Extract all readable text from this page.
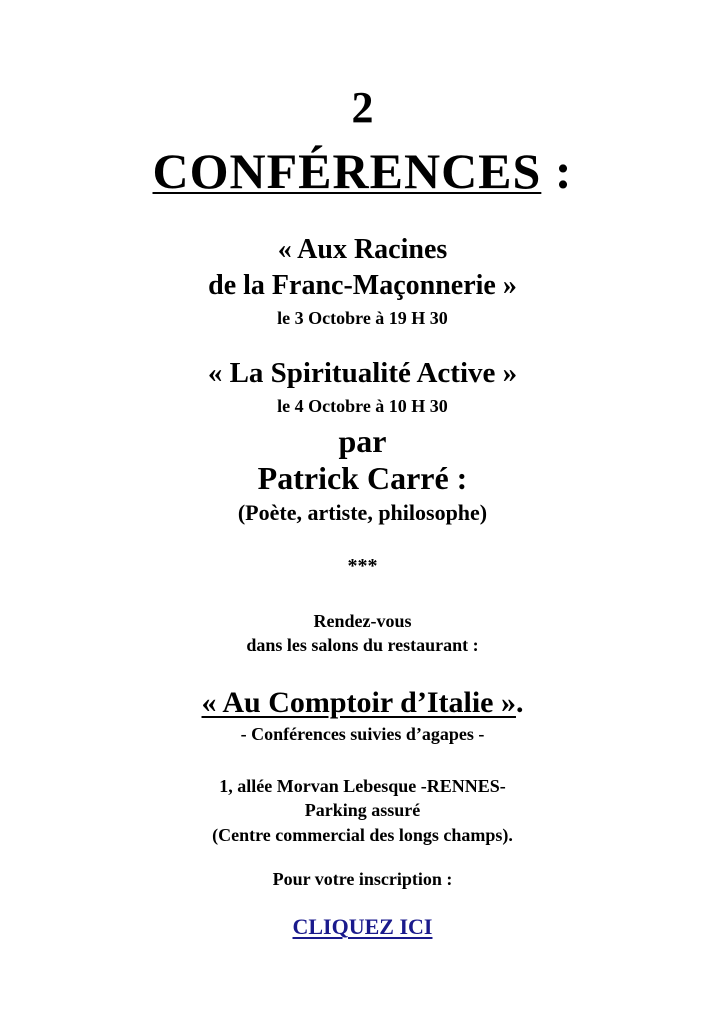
2
CONFÉRENCES :
« Aux Racines
de la Franc-Maçonnerie »
le 3 Octobre à 19 H 30
« La Spiritualité Active »
le 4 Octobre à 10 H 30
par
Patrick Carré :
(Poète, artiste, philosophe)
***
Rendez-vous
dans les salons du restaurant :
« Au Comptoir d’Italie ».
- Conférences suivies d’agapes -
1, allée Morvan Lebesque -RENNES-
Parking assuré
(Centre commercial des longs champs).
Pour votre inscription :
CLIQUEZ ICI
